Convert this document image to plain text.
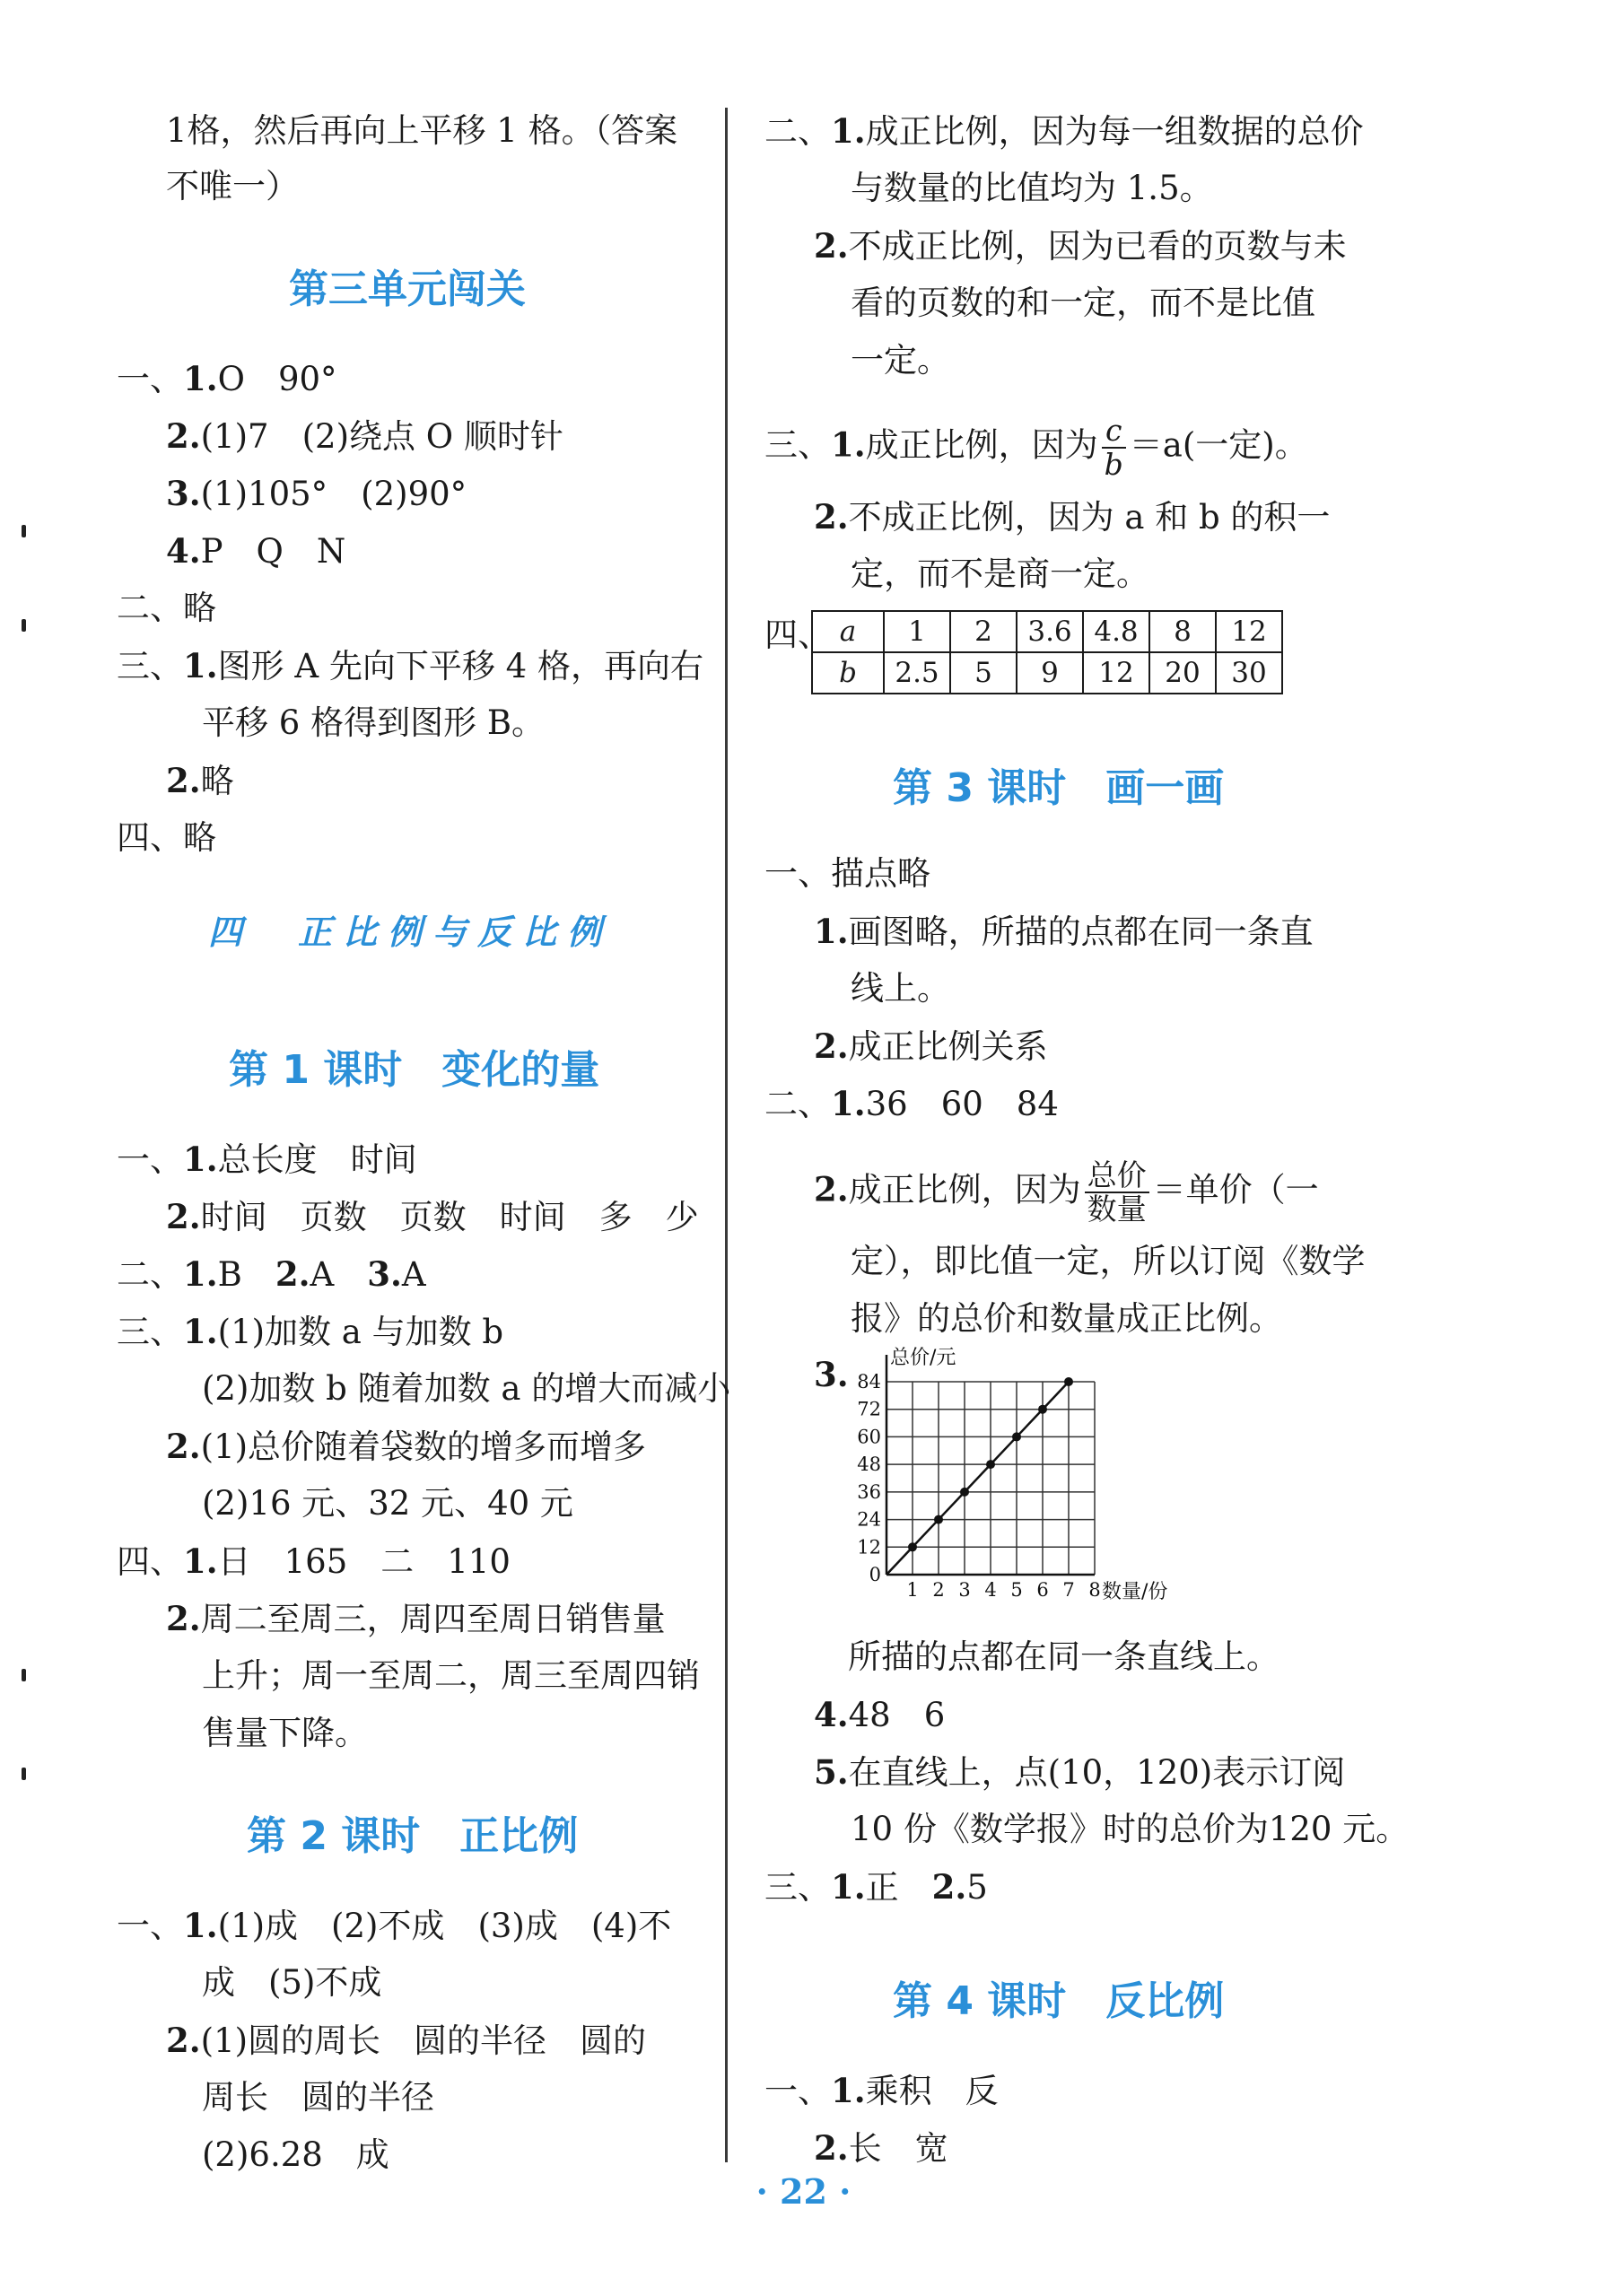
1格，然后再向上平移 1 格。（答案
不唯一）
第三单元闯关
一、1.O　90°
2.(1)7　(2)绕点 O 顺时针
3.(1)105°　(2)90°
4.P　Q　N
二、略
三、1.图形 A 先向下平移 4 格，再向右
平移 6 格得到图形 B。
2.略
四、略
四　正比例与反比例
第 1 课时　变化的量
一、1.总长度　时间
2.时间　页数　页数　时间　多　少
二、1.B　 2.A　 3.A
三、1.(1)加数 a 与加数 b
(2)加数 b 随着加数 a 的增大而减小
2.(1)总价随着袋数的增多而增多
(2)16 元、32 元、40 元
四、1.日　165　二　110
2.周二至周三，周四至周日销售量
上升；周一至周二，周三至周四销
售量下降。
第 2 课时　正比例
一、1.(1)成　(2)不成　(3)成　(4)不
成　(5)不成
2.(1)圆的周长　圆的半径　圆的
周长　圆的半径
(2)6.28　成
二、1.成正比例，因为每一组数据的总价
与数量的比值均为 1.5。
2.不成正比例，因为已看的页数与未
看的页数的和一定，而不是比值
一定。
三、1.成正比例，因为 $\frac{c}{b} =a$(一定)。
2.不成正比例，因为 a 和 b 的积一
定，而不是商一定。
四、 a	1	2	3.6	4.8	8	12
b	2.5	5	9	12	20	30
第 3 课时　画一画
一、描点略
1.画图略，所描的点都在同一条直
线上。
2.成正比例关系
二、1.36　60　84
2.成正比例，因为 $\frac{\text{总价}}{\text{数量}}$ ＝单价（一
定），即比值一定，所以订阅《数学
报》的总价和数量成正比例。
3.
1 2 3 4 5 6 7 8
12
24
36
48
60
72
84
0
总价/元
数量/份
所描的点都在同一条直线上。
4.48　6
5.在直线上，点(10，120)表示订阅
10 份《数学报》时的总价为120 元。
三、1.正　 2.5
第 4 课时　反比例
一、1.乘积　反
2.长　宽
· 22 ·
